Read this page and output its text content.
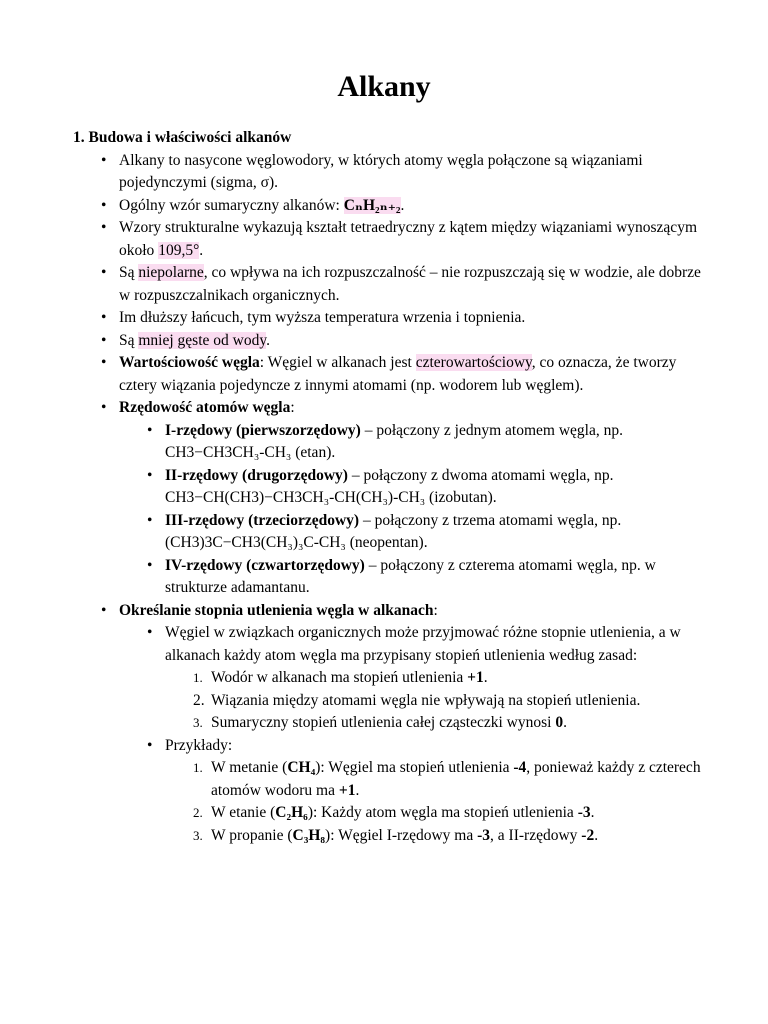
Alkany
1. Budowa i właściwości alkanów
• Alkany to nasycone węglowodory, w których atomy węgla połączone są wiązaniami pojedynczymi (sigma, σ).
• Ogólny wzór sumaryczny alkanów: CₙH₂ₙ₊₂.
• Wzory strukturalne wykazują kształt tetraedryczny z kątem między wiązaniami wynoszącym około 109,5°.
• Są niepolarne, co wpływa na ich rozpuszczalność – nie rozpuszczają się w wodzie, ale dobrze w rozpuszczalnikach organicznych.
• Im dłuższy łańcuch, tym wyższa temperatura wrzenia i topnienia.
• Są mniej gęste od wody.
• Wartościowość węgla: Węgiel w alkanach jest czterowartościowy, co oznacza, że tworzy cztery wiązania pojedyncze z innymi atomami (np. wodorem lub węglem).
• Rzędowość atomów węgla:
• I-rzędowy (pierwszorzędowy) – połączony z jednym atomem węgla, np. CH3−CH3CH₃-CH₃ (etan).
• II-rzędowy (drugorzędowy) – połączony z dwoma atomami węgla, np. CH3−CH(CH3)−CH3CH₃-CH(CH₃)-CH₃ (izobutan).
• III-rzędowy (trzeciorzędowy) – połączony z trzema atomami węgla, np. (CH3)3C−CH3(CH₃)₃C-CH₃ (neopentan).
• IV-rzędowy (czwartorzędowy) – połączony z czterema atomami węgla, np. w strukturze adamantanu.
• Określanie stopnia utlenienia węgla w alkanach:
• Węgiel w związkach organicznych może przyjmować różne stopnie utlenienia, a w alkanach każdy atom węgla ma przypisany stopień utlenienia według zasad:
1. Wodór w alkanach ma stopień utlenienia +1.
2. Wiązania między atomami węgla nie wpływają na stopień utlenienia.
3. Sumaryczny stopień utlenienia całej cząsteczki wynosi 0.
• Przykłady:
1. W metanie (CH₄): Węgiel ma stopień utlenienia -4, ponieważ każdy z czterech atomów wodoru ma +1.
2. W etanie (C₂H₆): Każdy atom węgla ma stopień utlenienia -3.
3. W propanie (C₃H₈): Węgiel I-rzędowy ma -3, a II-rzędowy -2.
